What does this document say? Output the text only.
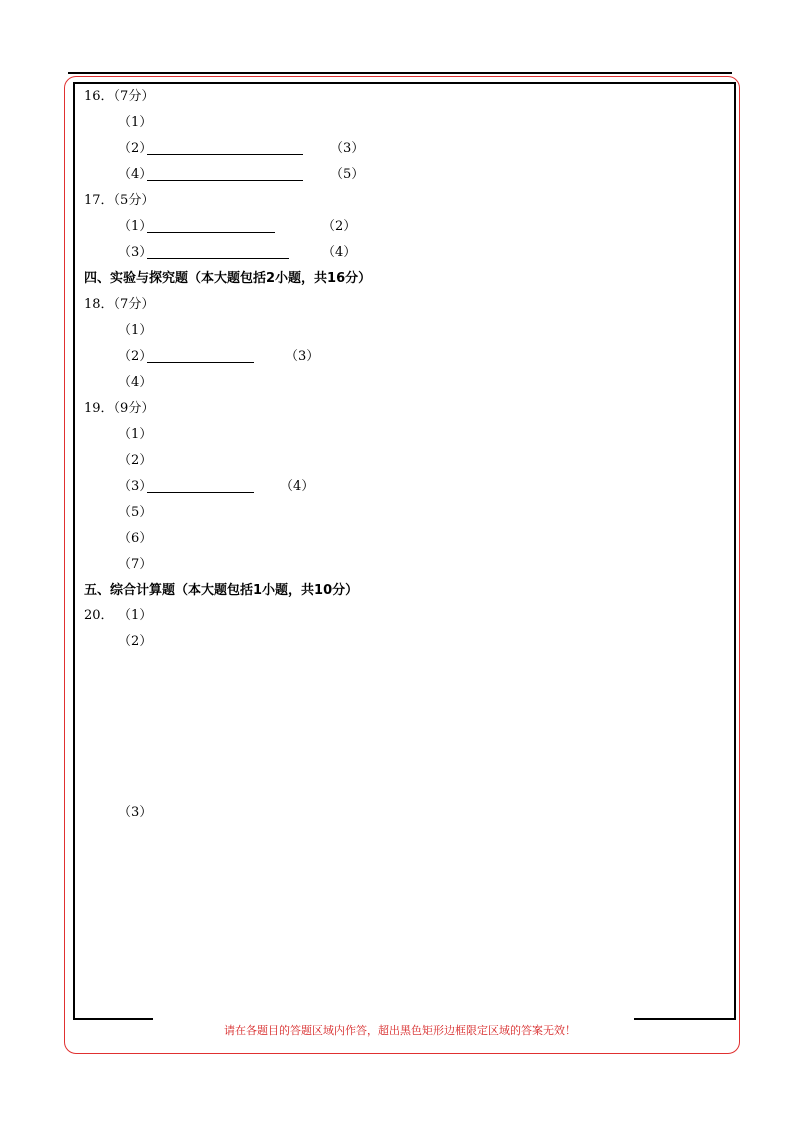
16．（7分）
（1）
（2）	（3）
（4）	（5）
17．（5分）
（1）	（2）
（3）	（4）
四、实验与探究题（本大题包括2小题，共16分）
18．（7分）
（1）
（2）	（3）
（4）
19．（9分）
（1）
（2）
（3）	（4）
（5）
（6）
（7）
五、综合计算题（本大题包括1小题，共10分）
20． （1）
（2）
（3）
请在各题目的答题区域内作答，超出黑色矩形边框限定区域的答案无效！
